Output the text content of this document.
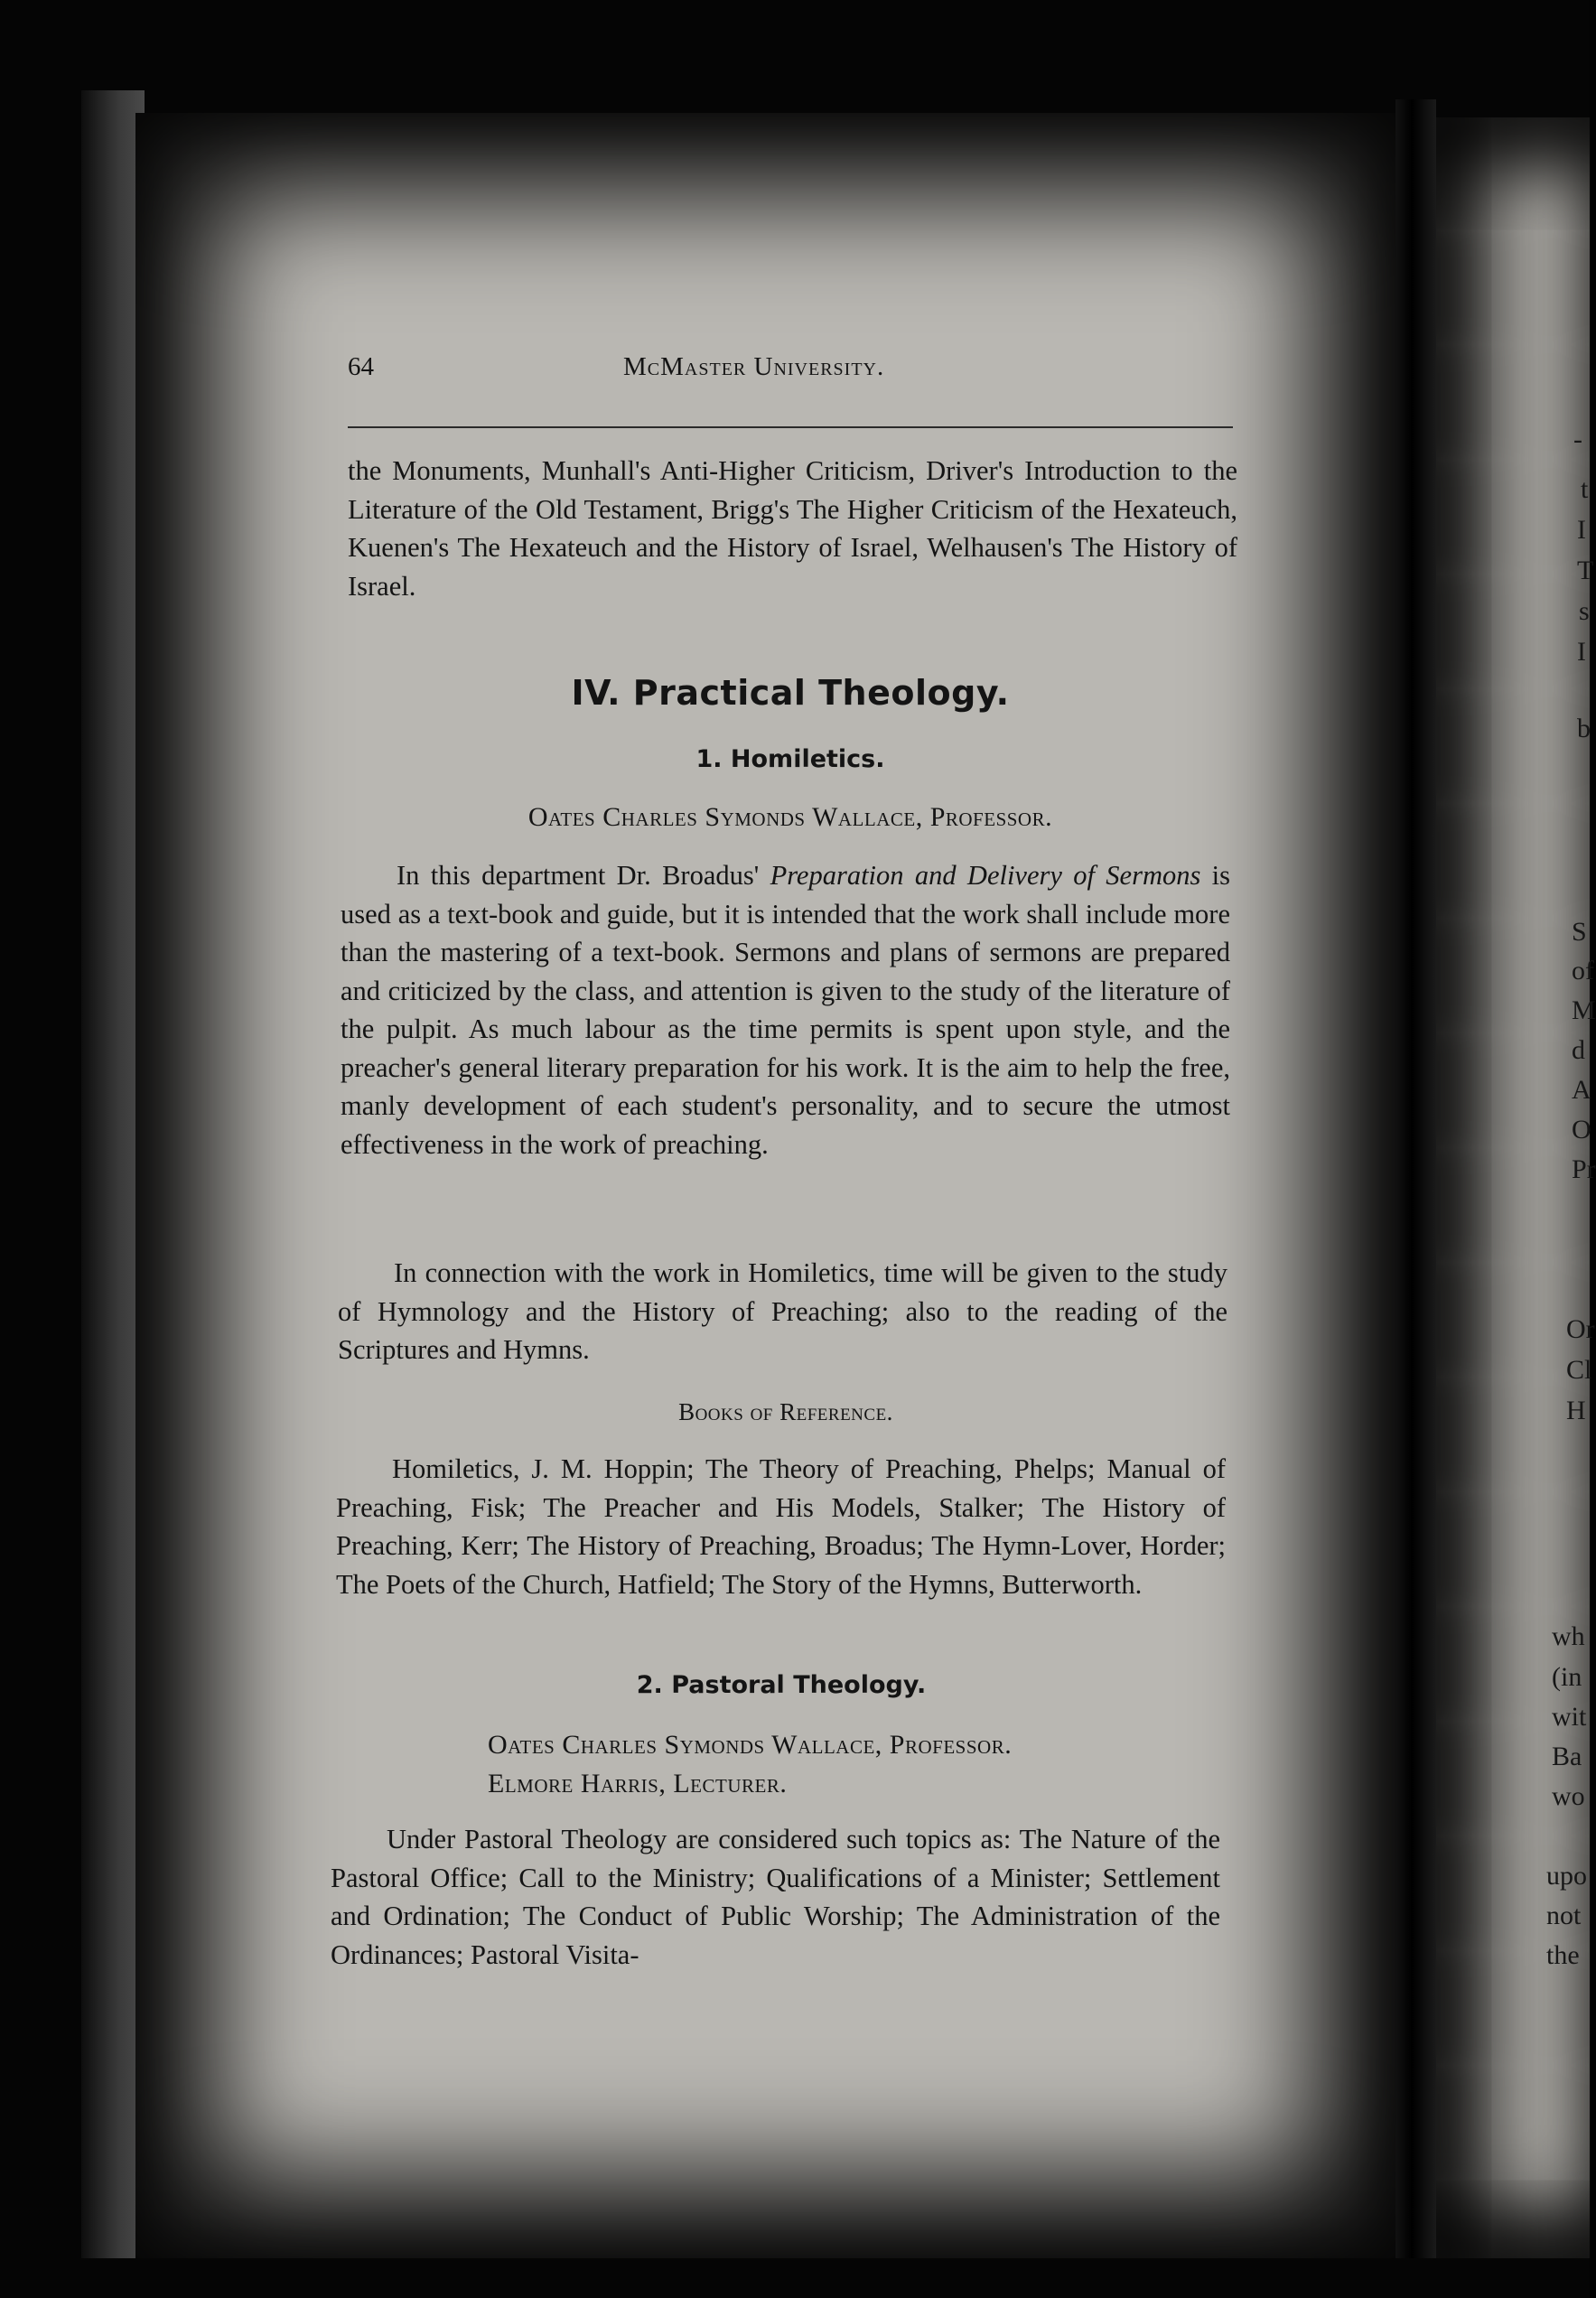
-
t
I
T
s
I
b
S
of
M
d
A
O
Pr
Or
Cl
H
wh
(in
wit
Ba
wo
upo
not
the
64	McMaster University.

the Monuments, Munhall's Anti-Higher Criticism, Driver's Introduction to the Literature of the Old Testament, Brigg's The Higher Criticism of the Hexateuch, Kuenen's The Hexateuch and the History of Israel, Welhausen's The History of Israel.

IV. Practical Theology.
1. Homiletics.
Oates Charles Symonds Wallace, Professor.

In this department Dr. Broadus' Preparation and Delivery of Sermons is used as a text-book and guide, but it is intended that the work shall include more than the mastering of a text-book. Sermons and plans of sermons are prepared and criticized by the class, and attention is given to the study of the literature of the pulpit. As much labour as the time permits is spent upon style, and the preacher's general literary preparation for his work. It is the aim to help the free, manly development of each student's personality, and to secure the utmost effectiveness in the work of preaching.

In connection with the work in Homiletics, time will be given to the study of Hymnology and the History of Preaching; also to the reading of the Scriptures and Hymns.

Books of Reference.

Homiletics, J. M. Hoppin; The Theory of Preaching, Phelps; Manual of Preaching, Fisk; The Preacher and His Models, Stalker; The History of Preaching, Kerr; The History of Preaching, Broadus; The Hymn-Lover, Horder; The Poets of the Church, Hatfield; The Story of the Hymns, Butterworth.

2. Pastoral Theology.
Oates Charles Symonds Wallace, Professor.
Elmore Harris, Lecturer.

Under Pastoral Theology are considered such topics as: The Nature of the Pastoral Office; Call to the Ministry; Qualifications of a Minister; Settlement and Ordination; The Conduct of Public Worship; The Administration of the Ordinances; Pastoral Visita-
